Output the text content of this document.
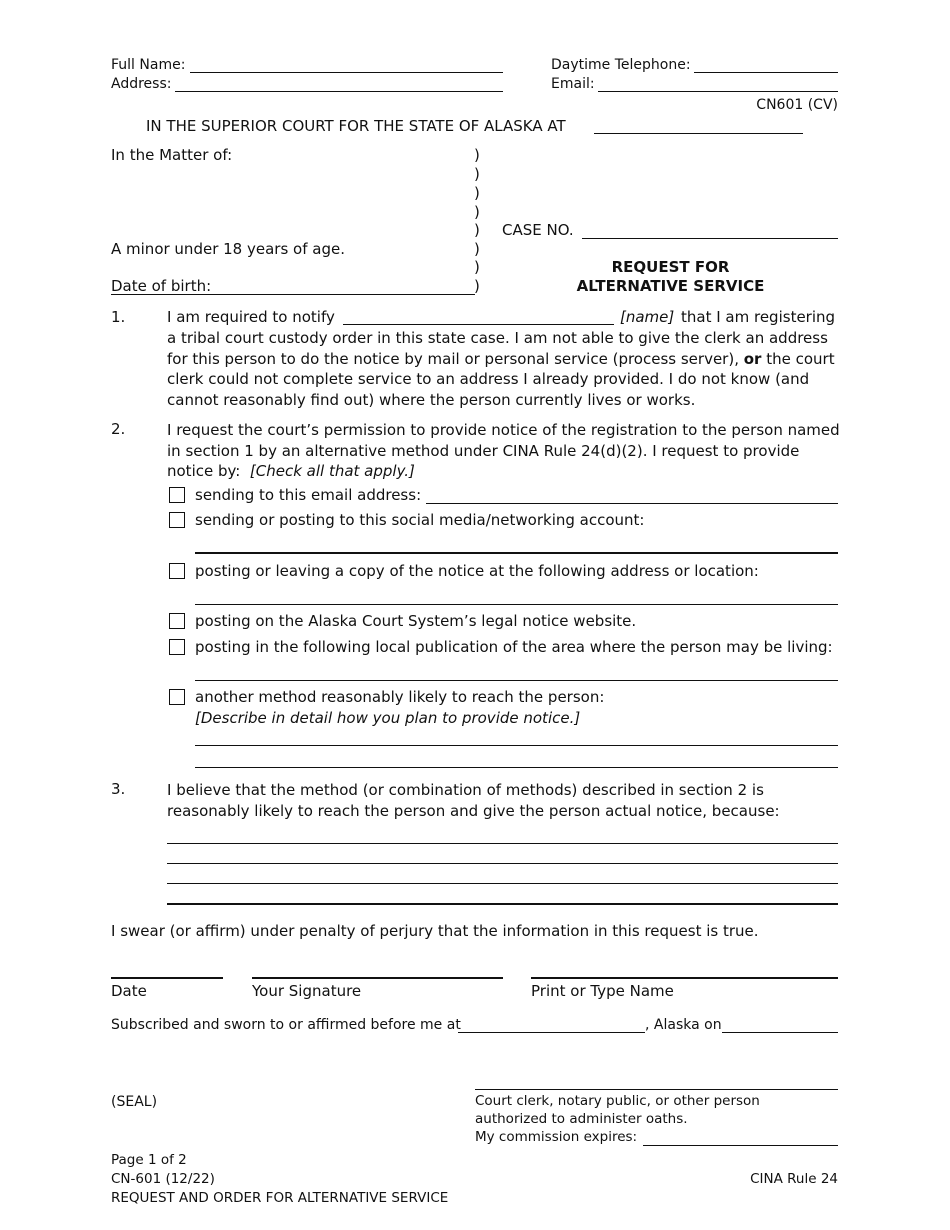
Full Name:
Address:
Daytime Telephone:
Email:
CN601 (CV)
IN THE SUPERIOR COURT FOR THE STATE OF ALASKA AT
In the Matter of:
A minor under 18 years of age.
Date of birth:
)
)
)
)
)
)
)
)
CASE NO.
REQUEST FOR
ALTERNATIVE SERVICE
1.	I am required to notify	[name] that I am registering
a tribal court custody order in this state case. I am not able to give the clerk an address for this person to do the notice by mail or personal service (process server), or the court clerk could not complete service to an address I already provided. I do not know (and cannot reasonably find out) where the person currently lives or works.
2.	I request the court’s permission to provide notice of the registration to the person named in section 1 by an alternative method under CINA Rule 24(d)(2). I request to provide notice by: [Check all that apply.]
sending to this email address:
sending or posting to this social media/networking account:
posting or leaving a copy of the notice at the following address or location:
posting on the Alaska Court System’s legal notice website.
posting in the following local publication of the area where the person may be living:
another method reasonably likely to reach the person:
[Describe in detail how you plan to provide notice.]
3.	I believe that the method (or combination of methods) described in section 2 is reasonably likely to reach the person and give the person actual notice, because:
I swear (or affirm) under penalty of perjury that the information in this request is true.
Date	Your Signature	Print or Type Name
Subscribed and sworn to or affirmed before me at	, Alaska on
(SEAL)	Court clerk, notary public, or other person
authorized to administer oaths.
My commission expires:
Page 1 of 2
CN-601 (12/22)
REQUEST AND ORDER FOR ALTERNATIVE SERVICE
CINA Rule 24
